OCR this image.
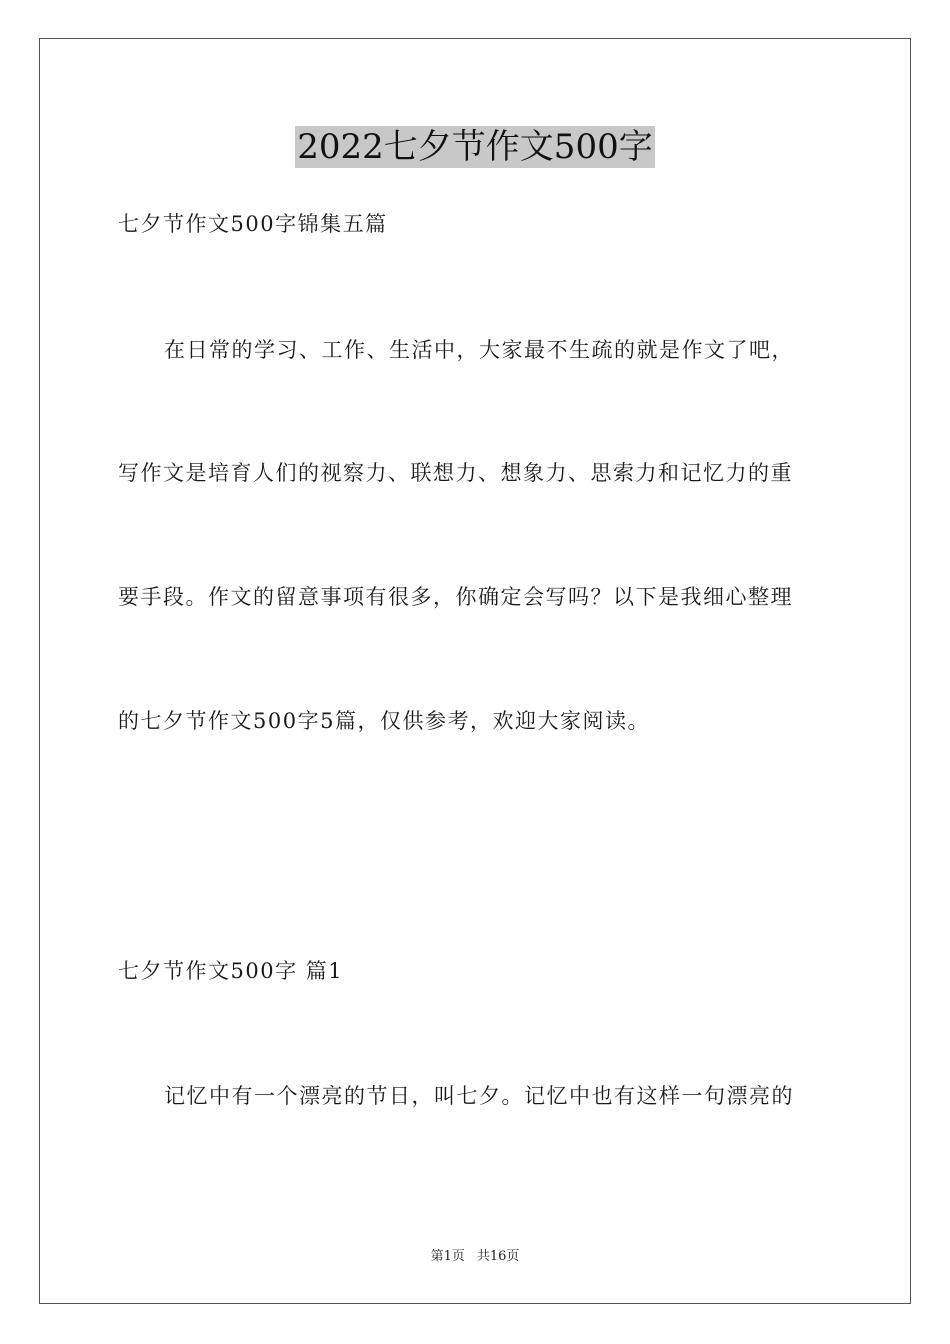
2022七夕节作文500字
七夕节作文500字锦集五篇
在日常的学习、工作、生活中，大家最不生疏的就是作文了吧，
写作文是培育人们的视察力、联想力、想象力、思索力和记忆力的重
要手段。作文的留意事项有很多，你确定会写吗？以下是我细心整理
的七夕节作文500字5篇，仅供参考，欢迎大家阅读。
七夕节作文500字 篇1
记忆中有一个漂亮的节日，叫七夕。记忆中也有这样一句漂亮的
第1页 共16页
